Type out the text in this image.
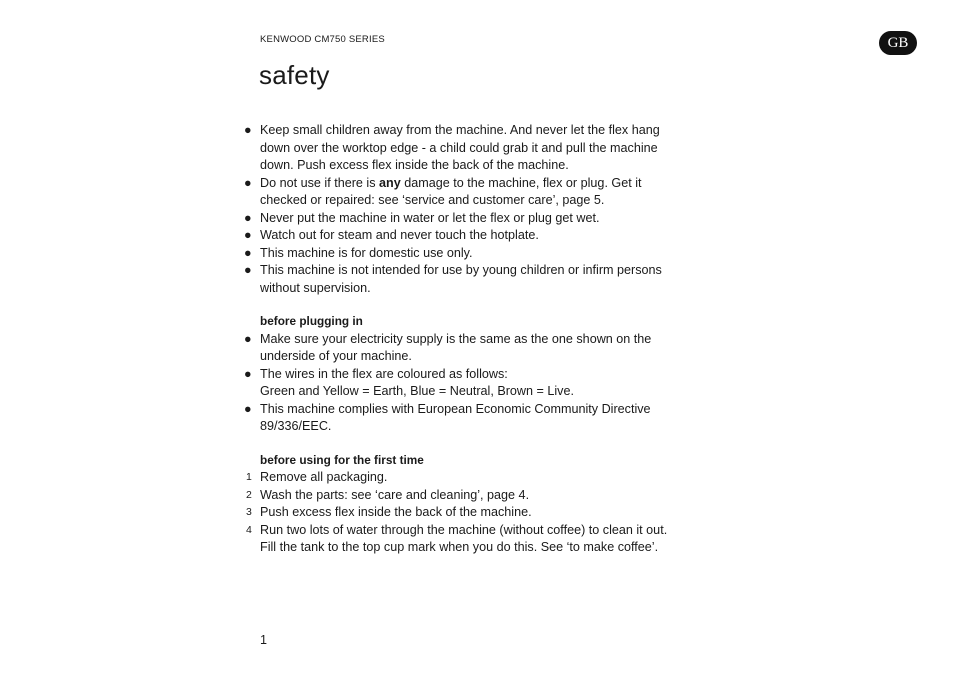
KENWOOD CM750 SERIES	GB
safety
● Keep small children away from the machine. And never let the flex hang down over the worktop edge - a child could grab it and pull the machine down. Push excess flex inside the back of the machine.
● Do not use if there is any damage to the machine, flex or plug. Get it checked or repaired: see ‘service and customer care’, page 5.
● Never put the machine in water or let the flex or plug get wet.
● Watch out for steam and never touch the hotplate.
● This machine is for domestic use only.
● This machine is not intended for use by young children or infirm persons without supervision.
before plugging in
● Make sure your electricity supply is the same as the one shown on the underside of your machine.
● The wires in the flex are coloured as follows:
Green and Yellow = Earth, Blue = Neutral, Brown = Live.
● This machine complies with European Economic Community Directive 89/336/EEC.
before using for the first time
1 Remove all packaging.
2 Wash the parts: see ‘care and cleaning’, page 4.
3 Push excess flex inside the back of the machine.
4 Run two lots of water through the machine (without coffee) to clean it out. Fill the tank to the top cup mark when you do this. See ‘to make coffee’.
1
